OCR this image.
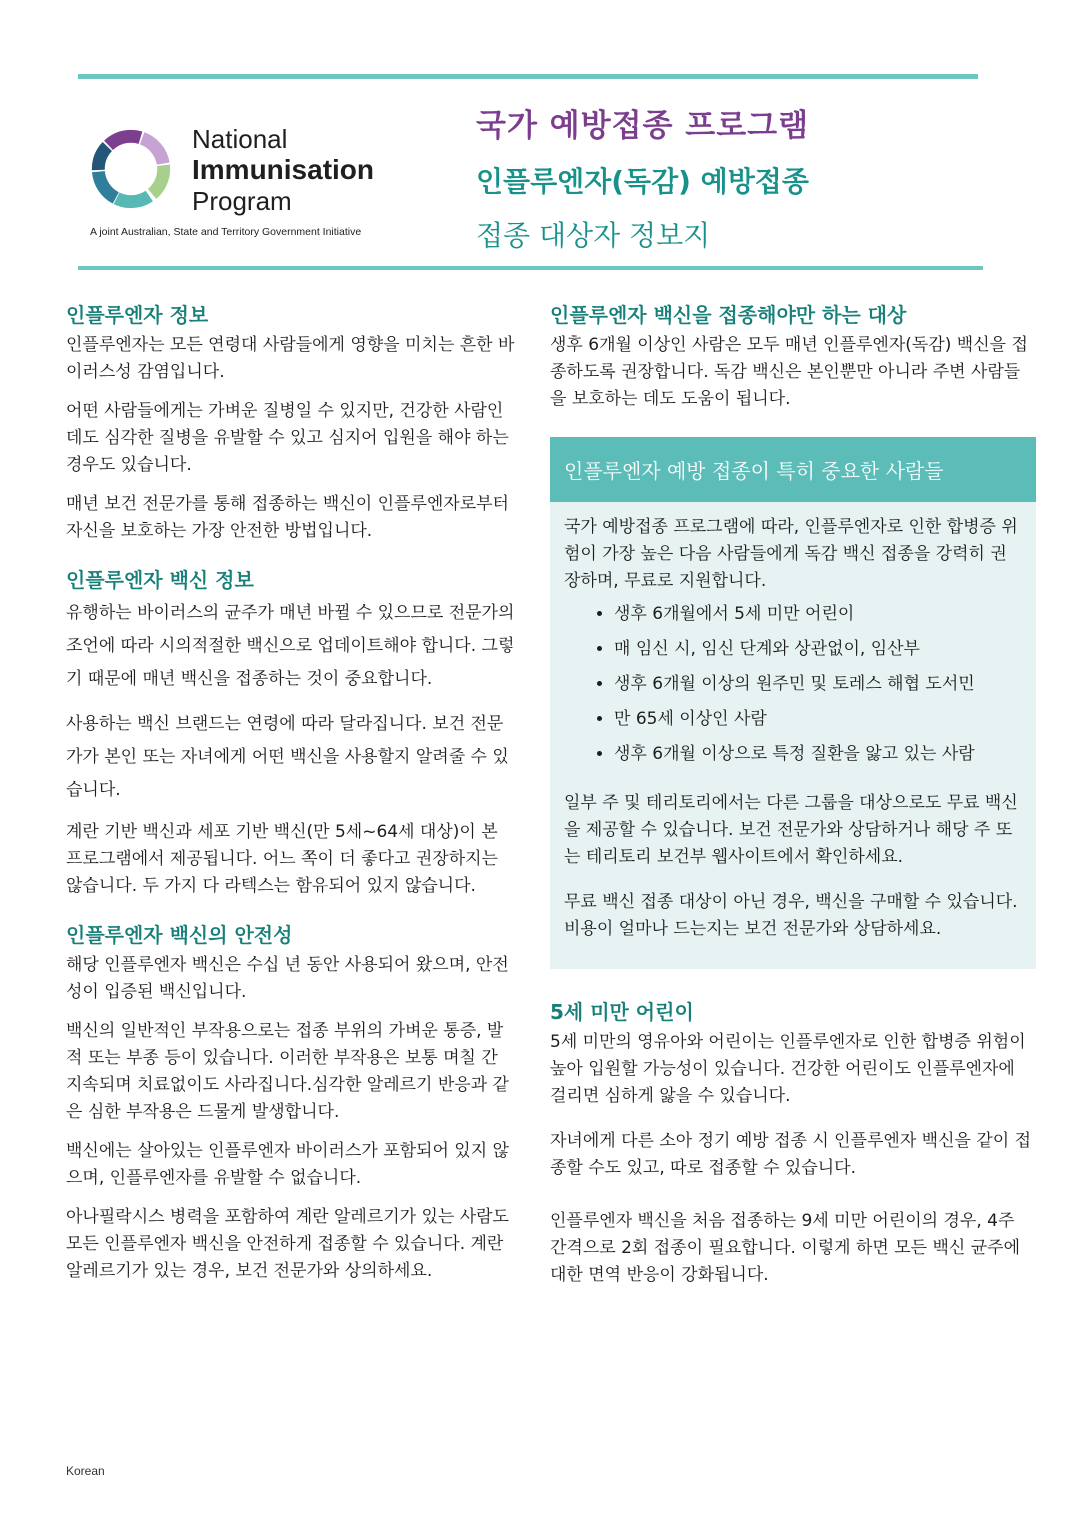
National
Immunisation
Program
A joint Australian, State and Territory Government Initiative
국가 예방접종 프로그램
인플루엔자(독감) 예방접종
접종 대상자 정보지
인플루엔자 정보

인플루엔자는 모든 연령대 사람들에게 영향을 미치는 흔한 바이러스성 감염입니다.

어떤 사람들에게는 가벼운 질병일 수 있지만, 건강한 사람인데도 심각한 질병을 유발할 수 있고 심지어 입원을 해야 하는 경우도 있습니다.

매년 보건 전문가를 통해 접종하는 백신이 인플루엔자로부터 자신을 보호하는 가장 안전한 방법입니다.

인플루엔자 백신 정보

유행하는 바이러스의 균주가 매년 바뀔 수 있으므로 전문가의 조언에 따라 시의적절한 백신으로 업데이트해야 합니다. 그렇기 때문에 매년 백신을 접종하는 것이 중요합니다.

사용하는 백신 브랜드는 연령에 따라 달라집니다. 보건 전문가가 본인 또는 자녀에게 어떤 백신을 사용할지 알려줄 수 있습니다.

계란 기반 백신과 세포 기반 백신(만 5세~64세 대상)이 본 프로그램에서 제공됩니다. 어느 쪽이 더 좋다고 권장하지는 않습니다. 두 가지 다 라텍스는 함유되어 있지 않습니다.

인플루엔자 백신의 안전성

해당 인플루엔자 백신은 수십 년 동안 사용되어 왔으며, 안전성이 입증된 백신입니다.

백신의 일반적인 부작용으로는 접종 부위의 가벼운 통증, 발적 또는 부종 등이 있습니다. 이러한 부작용은 보통 며칠 간 지속되며 치료없이도 사라집니다.심각한 알레르기 반응과 같은 심한 부작용은 드물게 발생합니다.

백신에는 살아있는 인플루엔자 바이러스가 포함되어 있지 않으며, 인플루엔자를 유발할 수 없습니다.

아나필락시스 병력을 포함하여 계란 알레르기가 있는 사람도 모든 인플루엔자 백신을 안전하게 접종할 수 있습니다. 계란 알레르기가 있는 경우, 보건 전문가와 상의하세요.

인플루엔자 백신을 접종해야만 하는 대상

생후 6개월 이상인 사람은 모두 매년 인플루엔자(독감) 백신을 접종하도록 권장합니다. 독감 백신은 본인뿐만 아니라 주변 사람들을 보호하는 데도 도움이 됩니다.

인플루엔자 예방 접종이 특히 중요한 사람들

국가 예방접종 프로그램에 따라, 인플루엔자로 인한 합병증 위험이 가장 높은 다음 사람들에게 독감 백신 접종을 강력히 권장하며, 무료로 지원합니다.

• 생후 6개월에서 5세 미만 어린이
• 매 임신 시, 임신 단계와 상관없이, 임산부
• 생후 6개월 이상의 원주민 및 토레스 해협 도서민
• 만 65세 이상인 사람
• 생후 6개월 이상으로 특정 질환을 앓고 있는 사람

일부 주 및 테리토리에서는 다른 그룹을 대상으로도 무료 백신을 제공할 수 있습니다. 보건 전문가와 상담하거나 해당 주 또는 테리토리 보건부 웹사이트에서 확인하세요.

무료 백신 접종 대상이 아닌 경우, 백신을 구매할 수 있습니다. 비용이 얼마나 드는지는 보건 전문가와 상담하세요.

5세 미만 어린이

5세 미만의 영유아와 어린이는 인플루엔자로 인한 합병증 위험이 높아 입원할 가능성이 있습니다. 건강한 어린이도 인플루엔자에 걸리면 심하게 앓을 수 있습니다.

자녀에게 다른 소아 정기 예방 접종 시 인플루엔자 백신을 같이 접종할 수도 있고, 따로 접종할 수 있습니다.

인플루엔자 백신을 처음 접종하는 9세 미만 어린이의 경우, 4주 간격으로 2회 접종이 필요합니다. 이렇게 하면 모든 백신 균주에 대한 면역 반응이 강화됩니다.

Korean
